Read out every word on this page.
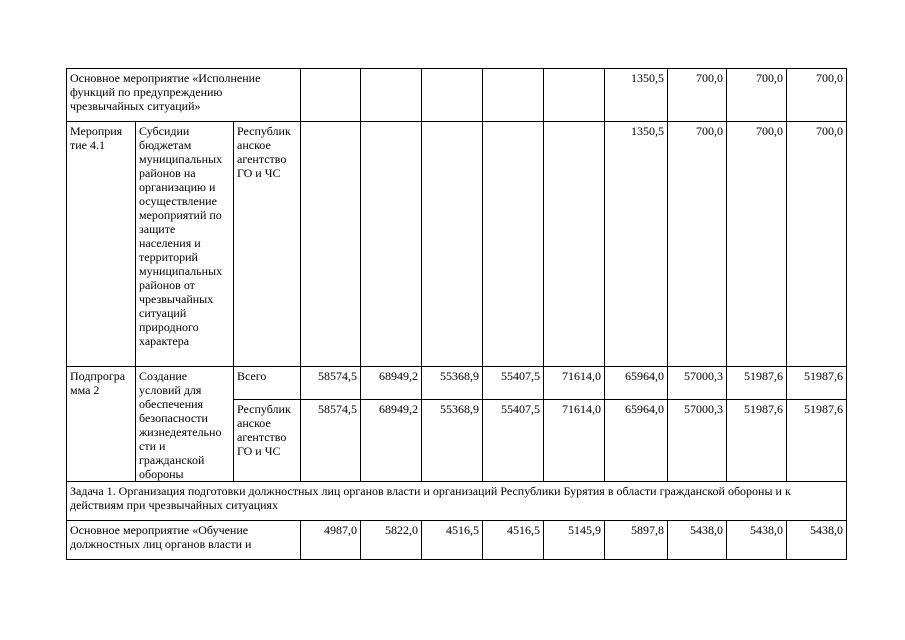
Основное мероприятие «Исполнение функций по предупреждению чрезвычайных ситуаций»								1350,5	700,0	700,0	700,0
Мероприя тие 4.1	Субсидии бюджетам муниципальных районов на организацию и осуществление мероприятий по защите населения и территорий муниципальных районов от чрезвычайных ситуаций природного характера	Республик анское агентство ГО и ЧС						1350,5	700,0	700,0	700,0
Подпрогра мма 2	Создание условий для обеспечения безопасности жизнедеятельно сти и гражданской обороны	Всего	58574,5	68949,2	55368,9	55407,5	71614,0	65964,0	57000,3	51987,6	51987,6
		Республик анское агентство ГО и ЧС	58574,5	68949,2	55368,9	55407,5	71614,0	65964,0	57000,3	51987,6	51987,6
Задача 1. Организация подготовки должностных лиц органов власти и организаций Республики Бурятия в области гражданской обороны и к действиям при чрезвычайных ситуациях											
Основное мероприятие «Обучение должностных лиц органов власти и			4987,0	5822,0	4516,5	4516,5	5145,9	5897,8	5438,0	5438,0	5438,0
